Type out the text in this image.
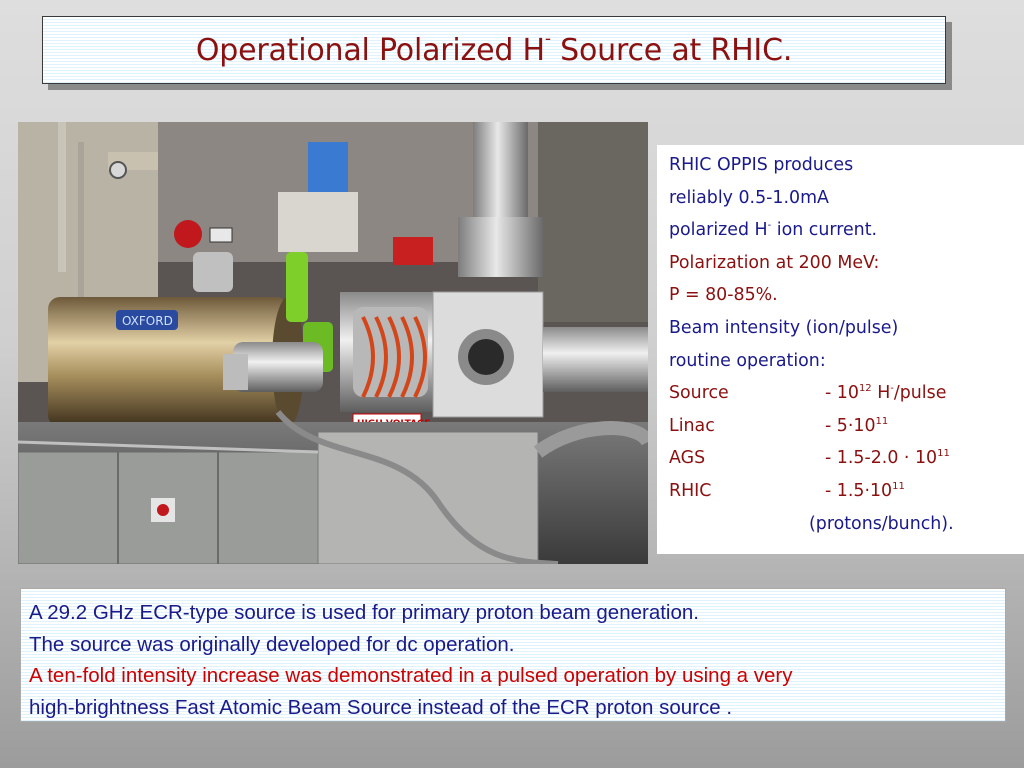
Operational Polarized H- Source at RHIC.
OXFORD
RHIC OPPIS produces
reliably 0.5-1.0mA
polarized H- ion current.
Polarization at 200 MeV:
P = 80-85%.
Beam intensity (ion/pulse)
routine operation:
Source	- $10^{12}$ H-/pulse
Linac	- $5\cdot 10^{11}$
AGS	- $1.5-2.0 \cdot 10^{11}$
RHIC	- $1.5\cdot 10^{11}$
(protons/bunch).
A 29.2 GHz ECR-type source is used for primary proton beam generation.
The source was originally developed for dc operation.
A ten-fold intensity increase was demonstrated in a pulsed operation by using a very
high-brightness Fast Atomic Beam Source instead of the ECR proton source .
